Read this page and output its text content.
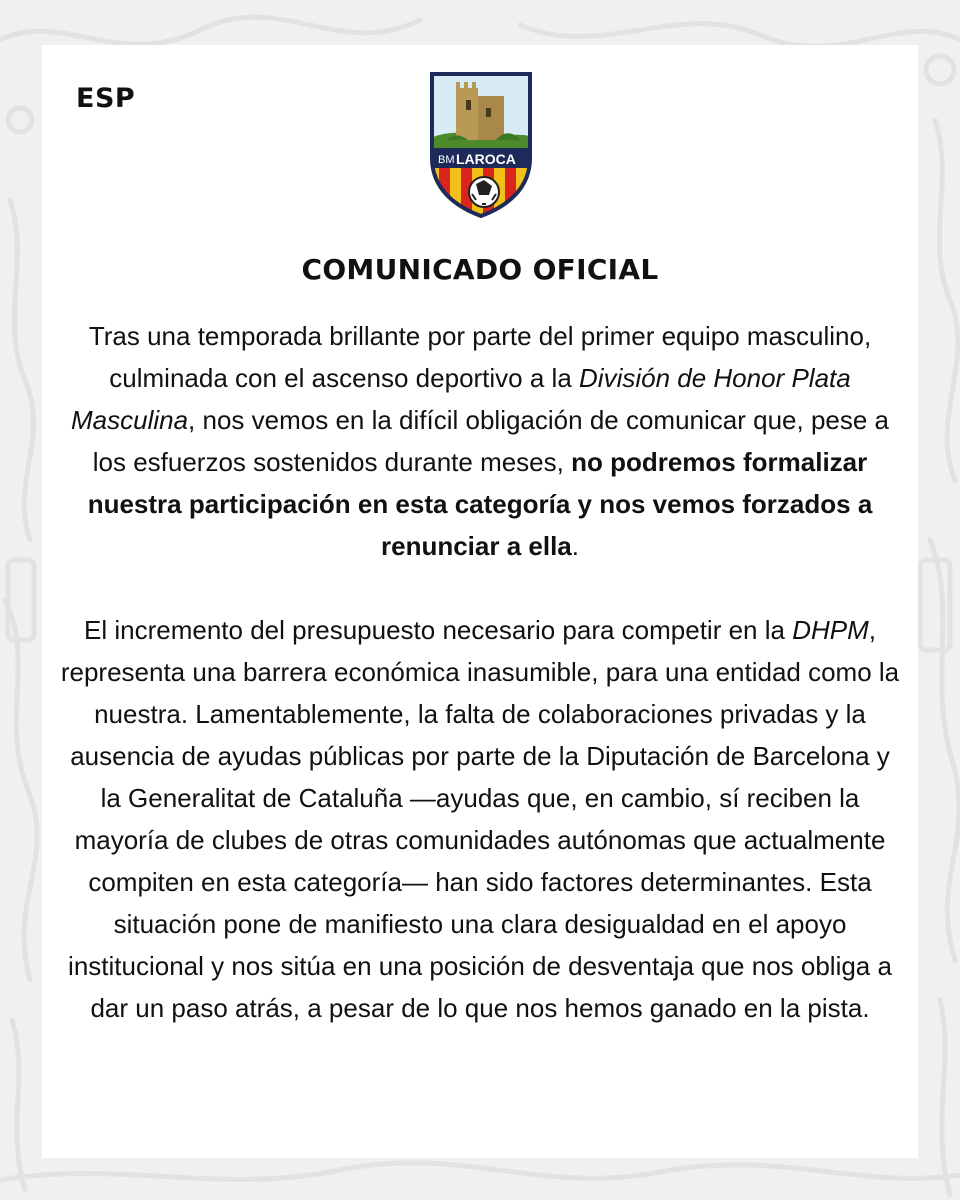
ESP
BM LAROCA
COMUNICADO OFICIAL

Tras una temporada brillante por parte del primer equipo masculino, culminada con el ascenso deportivo a la División de Honor Plata Masculina, nos vemos en la difícil obligación de comunicar que, pese a los esfuerzos sostenidos durante meses, no podremos formalizar nuestra participación en esta categoría y nos vemos forzados a renunciar a ella.

El incremento del presupuesto necesario para competir en la DHPM, representa una barrera económica inasumible, para una entidad como la nuestra. Lamentablemente, la falta de colaboraciones privadas y la ausencia de ayudas públicas por parte de la Diputación de Barcelona y la Generalitat de Cataluña —ayudas que, en cambio, sí reciben la mayoría de clubes de otras comunidades autónomas que actualmente compiten en esta categoría— han sido factores determinantes. Esta situación pone de manifiesto una clara desigualdad en el apoyo institucional y nos sitúa en una posición de desventaja que nos obliga a dar un paso atrás, a pesar de lo que nos hemos ganado en la pista.
